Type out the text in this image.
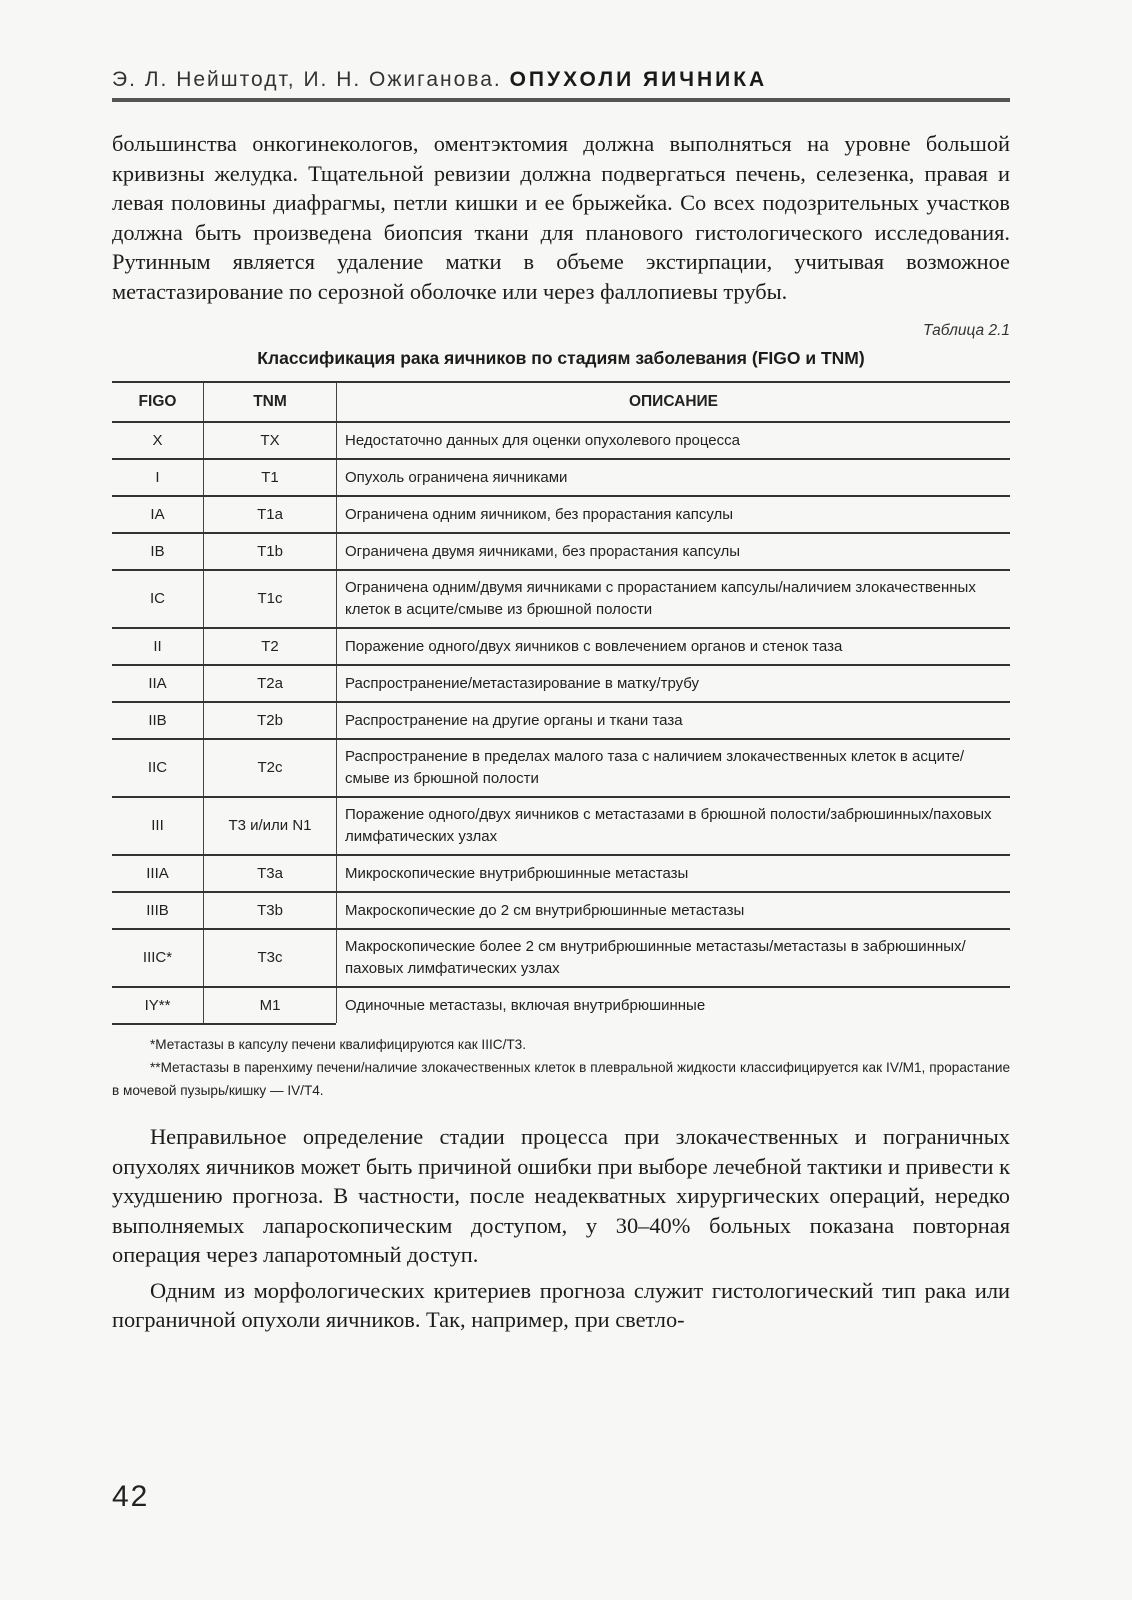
Э. Л. Нейштодт, И. Н. Ожиганова. ОПУХОЛИ ЯИЧНИКА

большинства онкогинекологов, оментэктомия должна выполняться на уровне большой кривизны желудка. Тщательной ревизии должна подвергаться печень, селезенка, правая и левая половины диафрагмы, петли кишки и ее брыжейка. Со всех подозрительных участков должна быть произведена биопсия ткани для планового гистологического исследования. Рутинным является удаление матки в объеме экстирпации, учитывая возможное метастазирование по серозной оболочке или через фаллопиевы трубы.

Таблица 2.1
Классификация рака яичников по стадиям заболевания (FIGO и TNM)
FIGO	TNM	ОПИСАНИЕ
X	TX	Недостаточно данных для оценки опухолевого процесса
I	T1	Опухоль ограничена яичниками
IA	T1a	Ограничена одним яичником, без прорастания капсулы
IB	T1b	Ограничена двумя яичниками, без прорастания капсулы
IC	T1c	Ограничена одним/двумя яичниками с прорастанием капсулы/наличием злокачественных клеток в асците/смыве из брюшной полости
II	T2	Поражение одного/двух яичников с вовлечением органов и стенок таза
IIA	T2a	Распространение/метастазирование в матку/трубу
IIB	T2b	Распространение на другие органы и ткани таза
IIC	T2c	Распространение в пределах малого таза с наличием злокачественных клеток в асците/смыве из брюшной полости
III	T3 и/или N1	Поражение одного/двух яичников с метастазами в брюшной полости/забрюшинных/паховых лимфатических узлах
IIIA	T3a	Микроскопические внутрибрюшинные метастазы
IIIB	T3b	Макроскопические до 2 см внутрибрюшинные метастазы
IIIC*	T3c	Макроскопические более 2 см внутрибрюшинные метастазы/метастазы в забрюшинных/паховых лимфатических узлах
IY**	M1	Одиночные метастазы, включая внутрибрюшинные
*Метастазы в капсулу печени квалифицируются как IIIC/T3.
**Метастазы в паренхиму печени/наличие злокачественных клеток в плевральной жидкости классифицируется как IV/M1, прорастание в мочевой пузырь/кишку — IV/T4.

Неправильное определение стадии процесса при злокачественных и пограничных опухолях яичников может быть причиной ошибки при выборе лечебной тактики и привести к ухудшению прогноза. В частности, после неадекватных хирургических операций, нередко выполняемых лапароскопическим доступом, у 30–40% больных показана повторная операция через лапаротомный доступ.

Одним из морфологических критериев прогноза служит гистологический тип рака или пограничной опухоли яичников. Так, например, при светло-

42
